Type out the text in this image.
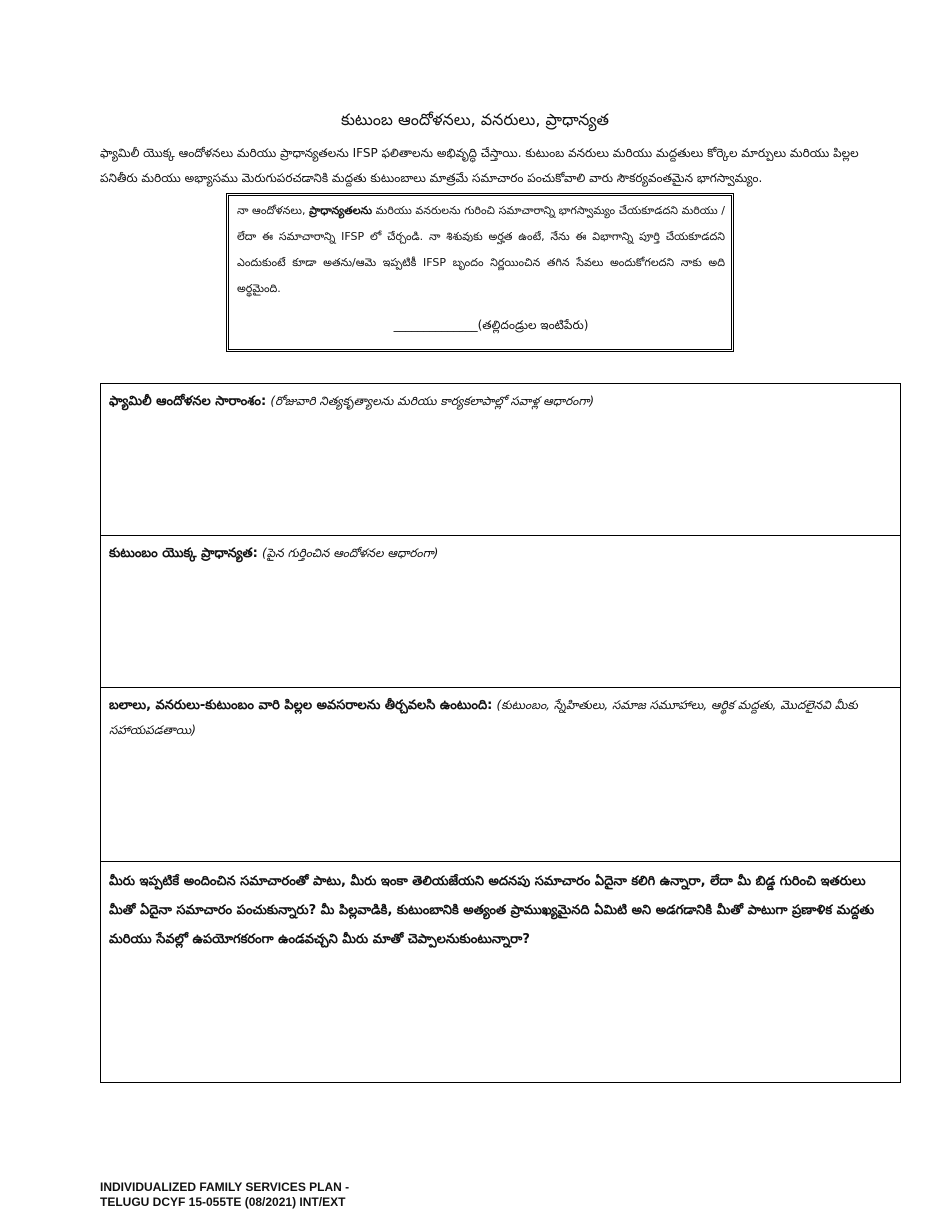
కుటుంబ ఆందోళనలు, వనరులు, ప్రాధాన్యత
ఫ్యామిలీ యొక్క ఆందోళనలు మరియు ప్రాధాన్యతలను IFSP ఫలితాలను అభివృద్ధి చేస్తాయి. కుటుంబ వనరులు మరియు మద్దతులు కోర్కెల మార్పులు మరియు పిల్లల పనితీరు మరియు అభ్యాసము మెరుగుపరచడానికి మద్దతు కుటుంబాలు మాత్రమే సమాచారం పంచుకోవాలి వారు సౌకర్యవంతమైన భాగస్వామ్యం.
నా ఆందోళనలు, ప్రాధాన్యతలను మరియు వనరులను గురించి సమాచారాన్ని భాగస్వామ్యం చేయకూడదని మరియు / లేదా ఈ సమాచారాన్ని IFSP లో చేర్చండి. నా శిశువుకు అర్హత ఉంటే, నేను ఈ విభాగాన్ని పూర్తి చేయకూడదని ఎందుకుంటే కూడా అతను/ఆమె ఇప్పటికీ IFSP బృందం నిర్ణయించిన తగిన సేవలు అందుకోగలదని నాకు అది అర్థమైంది.
______________(తల్లిదండ్రుల ఇంటిపేరు)
ఫ్యామిలీ ఆందోళనల సారాంశం: (రోజువారి నిత్యకృత్యాలను మరియు కార్యకలాపాల్లో సవాళ్ల ఆధారంగా)
కుటుంబం యొక్క ప్రాధాన్యత: (పైన గుర్తించిన ఆందోళనల ఆధారంగా)
బలాలు, వనరులు-కుటుంబం వారి పిల్లల అవసరాలను తీర్చవలసి ఉంటుంది: (కుటుంబం, స్నేహితులు, సమాజ సమూహాలు, ఆర్థిక మద్దతు, మొదలైనవి మీకు సహాయపడతాయి)
మీరు ఇప్పటికే అందించిన సమాచారంతో పాటు, మీరు ఇంకా తెలియజేయని అదనపు సమాచారం ఏదైనా కలిగి ఉన్నారా, లేదా మీ బిడ్డ గురించి ఇతరులు మీతో ఏదైనా సమాచారం పంచుకున్నారు? మీ పిల్లవాడికి, కుటుంబానికి అత్యంత ప్రాముఖ్యమైనది ఏమిటి అని అడగడానికి మీతో పాటుగా ప్రణాళిక మద్దతు మరియు సేవల్లో ఉపయోగకరంగా ఉండవచ్చని మీరు మాతో చెప్పాలనుకుంటున్నారా?
INDIVIDUALIZED FAMILY SERVICES PLAN -
TELUGU DCYF 15-055TE (08/2021) INT/EXT
